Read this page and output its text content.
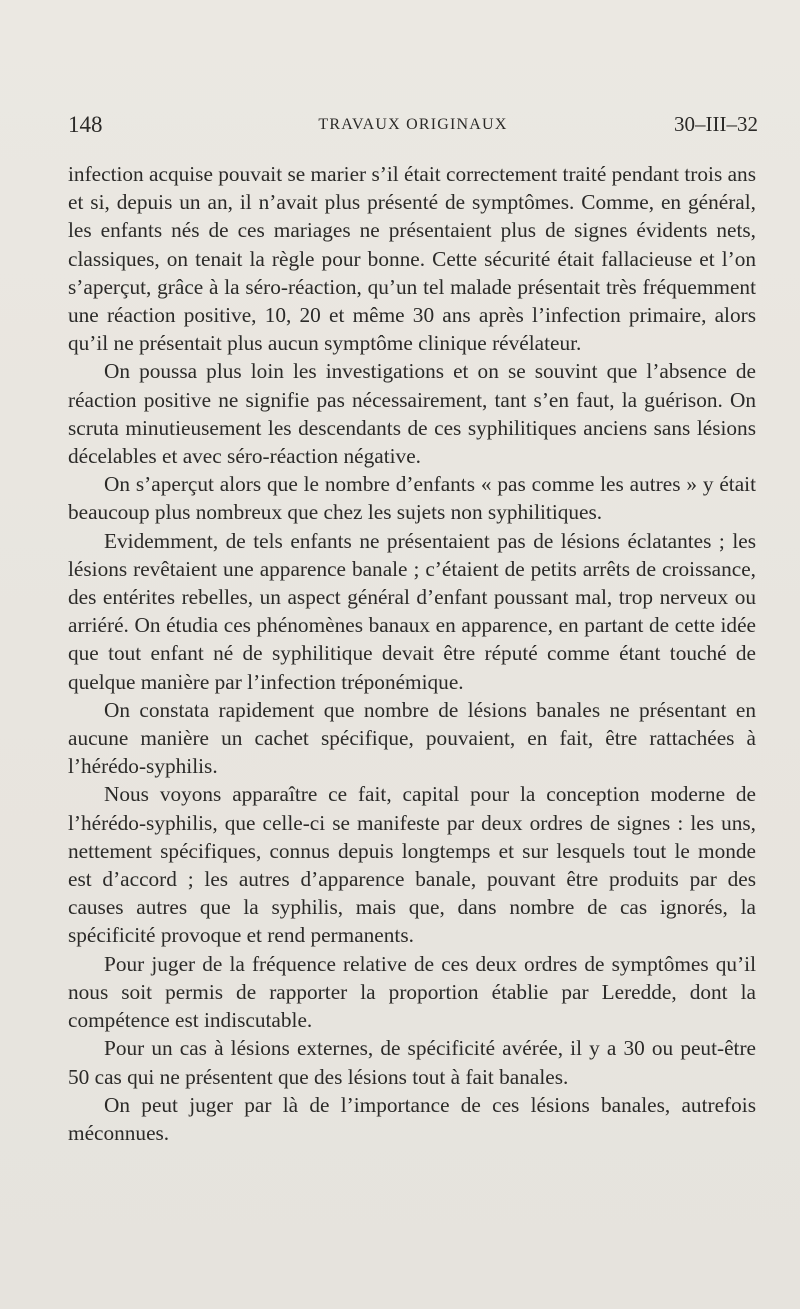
148	TRAVAUX ORIGINAUX	30–III–32

infection acquise pouvait se marier s’il était correctement traité pendant trois ans et si, depuis un an, il n’avait plus présenté de symptômes. Comme, en général, les enfants nés de ces mariages ne présentaient plus de signes évidents nets, classiques, on tenait la règle pour bonne. Cette sécurité était fallacieuse et l’on s’aperçut, grâce à la séro-réaction, qu’un tel malade présentait très fréquemment une réaction positive, 10, 20 et même 30 ans après l’infection primaire, alors qu’il ne présentait plus aucun symptôme clinique révélateur.

On poussa plus loin les investigations et on se souvint que l’absence de réaction positive ne signifie pas nécessairement, tant s’en faut, la guérison. On scruta minutieusement les descendants de ces syphilitiques anciens sans lésions décelables et avec séro-réaction négative.

On s’aperçut alors que le nombre d’enfants « pas comme les autres » y était beaucoup plus nombreux que chez les sujets non syphilitiques.

Evidemment, de tels enfants ne présentaient pas de lésions éclatantes ; les lésions revêtaient une apparence banale ; c’étaient de petits arrêts de croissance, des entérites rebelles, un aspect général d’enfant poussant mal, trop nerveux ou arriéré. On étudia ces phénomènes banaux en apparence, en partant de cette idée que tout enfant né de syphilitique devait être réputé comme étant touché de quelque manière par l’infection tréponémique.

On constata rapidement que nombre de lésions banales ne présentant en aucune manière un cachet spécifique, pouvaient, en fait, être rattachées à l’hérédo-syphilis.

Nous voyons apparaître ce fait, capital pour la conception moderne de l’hérédo-syphilis, que celle-ci se manifeste par deux ordres de signes : les uns, nettement spécifiques, connus depuis longtemps et sur lesquels tout le monde est d’accord ; les autres d’apparence banale, pouvant être produits par des causes autres que la syphilis, mais que, dans nombre de cas ignorés, la spécificité provoque et rend permanents.

Pour juger de la fréquence relative de ces deux ordres de symptômes qu’il nous soit permis de rapporter la proportion établie par Leredde, dont la compétence est indiscutable.

Pour un cas à lésions externes, de spécificité avérée, il y a 30 ou peut-être 50 cas qui ne présentent que des lésions tout à fait banales.

On peut juger par là de l’importance de ces lésions banales, autrefois méconnues.
